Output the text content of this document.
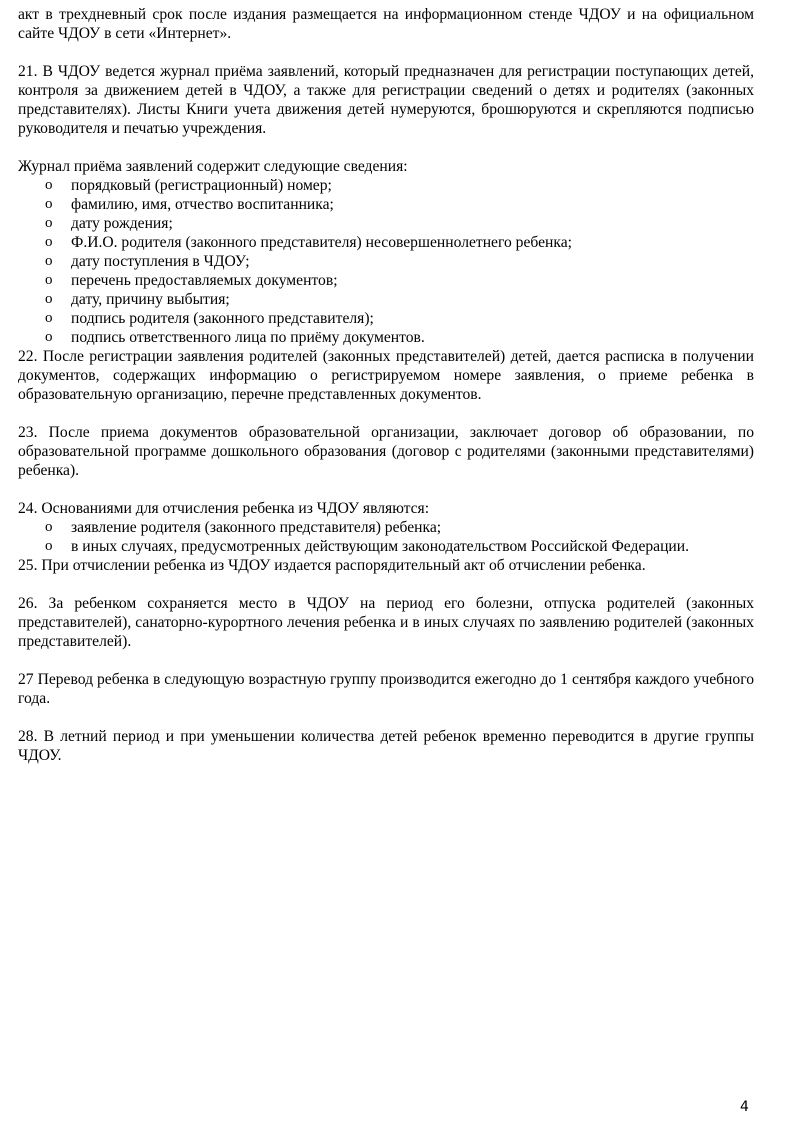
акт в трехдневный срок после издания размещается на информационном стенде ЧДОУ и на официальном сайте ЧДОУ в сети «Интернет».

21. В ЧДОУ ведется журнал приёма заявлений, который предназначен для регистрации поступающих детей, контроля за движением детей в ЧДОУ, а также для регистрации сведений о детях и родителях (законных представителях). Листы Книги учета движения детей нумеруются, брошюруются и скрепляются подписью руководителя и печатью учреждения.

Журнал приёма заявлений содержит следующие сведения:

o порядковый (регистрационный) номер;
o фамилию, имя, отчество воспитанника;
o дату рождения;
o Ф.И.О. родителя (законного представителя) несовершеннолетнего ребенка;
o дату поступления в ЧДОУ;
o перечень предоставляемых документов;
o дату, причину выбытия;
o подпись родителя (законного представителя);
o подпись ответственного лица по приёму документов.

22. После регистрации заявления родителей (законных представителей) детей, дается расписка в получении документов, содержащих информацию о регистрируемом номере заявления, о приеме ребенка в образовательную организацию, перечне представленных документов.

23. После приема документов образовательной организации, заключает договор об образовании, по образовательной программе дошкольного образования (договор с родителями (законными представителями) ребенка).

24. Основаниями для отчисления ребенка из ЧДОУ являются:

o заявление родителя (законного представителя) ребенка;
o в иных случаях, предусмотренных действующим законодательством Российской Федерации.

25. При отчислении ребенка из ЧДОУ издается распорядительный акт об отчислении ребенка.

26. За ребенком сохраняется место в ЧДОУ на период его болезни, отпуска родителей (законных представителей), санаторно-курортного лечения ребенка и в иных случаях по заявлению родителей (законных представителей).

27 Перевод ребенка в следующую возрастную группу производится ежегодно до 1 сентября каждого учебного года.

28. В летний период и при уменьшении количества детей ребенок временно переводится в другие группы ЧДОУ.

4
